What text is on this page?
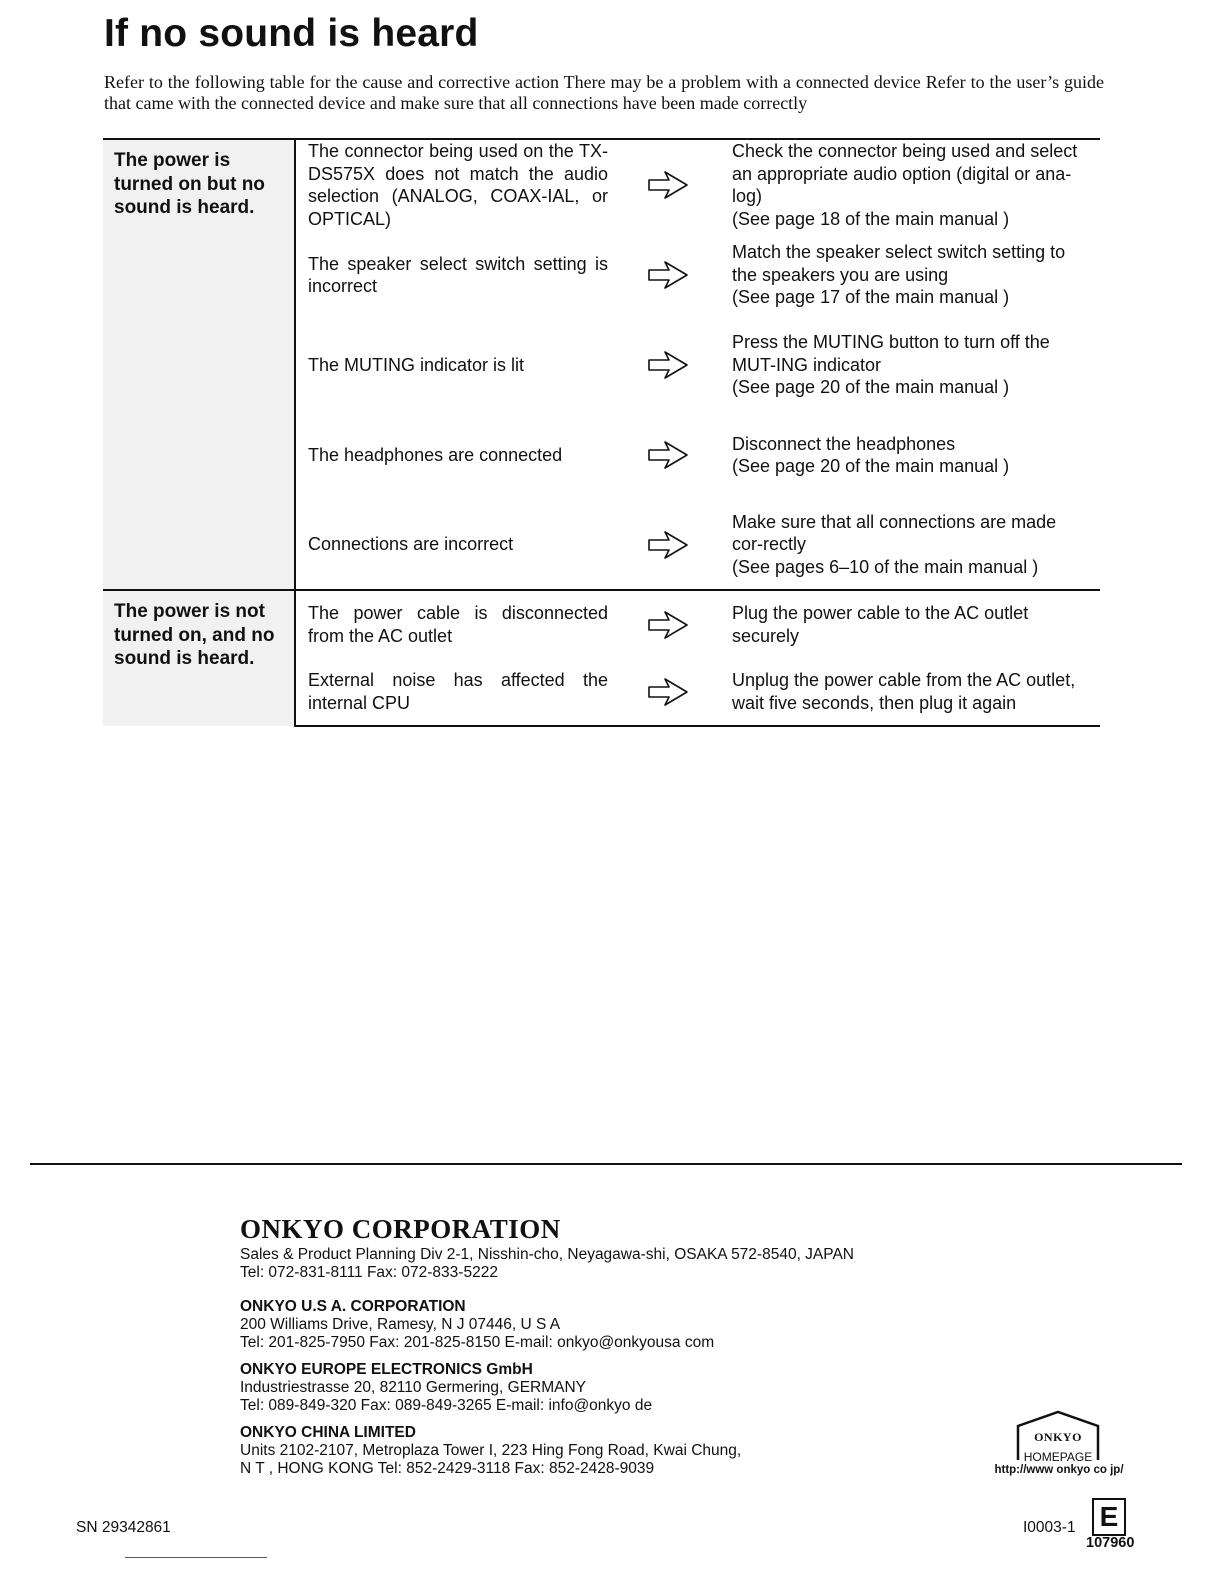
If no sound is heard

Refer to the following table for the cause and corrective action There may be a problem with a connected device Refer to the user’s guide that came with the connected device and make sure that all connections have been made correctly

The power is turned on but no sound is heard.	The connector being used on the TX-DS575X does not match the audio selection (ANALOG, COAX-IAL, or OPTICAL)		Check the connector being used and select an appropriate audio option (digital or ana-log)
(See page 18 of the main manual )

	The speaker select switch setting is incorrect		Match the speaker select switch setting to the speakers you are using
(See page 17 of the main manual )

	The MUTING indicator is lit		Press the MUTING button to turn off the MUT-ING indicator
(See page 20 of the main manual )

	The headphones are connected		Disconnect the headphones
(See page 20 of the main manual )

	Connections are incorrect		Make sure that all connections are made cor-rectly
(See pages 6–10 of the main manual )

The power is not turned on, and no sound is heard.	The power cable is disconnected from the AC outlet		Plug the power cable to the AC outlet securely

	External noise has affected the internal CPU		Unplug the power cable from the AC outlet, wait five seconds, then plug it again
ONKYO CORPORATION
Sales & Product Planning Div 2-1, Nisshin-cho, Neyagawa-shi, OSAKA 572-8540, JAPAN
Tel: 072-831-8111 Fax: 072-833-5222
ONKYO U.S A. CORPORATION
200 Williams Drive, Ramesy, N J 07446, U S A
Tel: 201-825-7950 Fax: 201-825-8150 E-mail: onkyo@onkyousa com
ONKYO EUROPE ELECTRONICS GmbH
Industriestrasse 20, 82110 Germering, GERMANY
Tel: 089-849-320 Fax: 089-849-3265 E-mail: info@onkyo de
ONKYO CHINA LIMITED
Units 2102-2107, Metroplaza Tower I, 223 Hing Fong Road, Kwai Chung,
N T , HONG KONG Tel: 852-2429-3118 Fax: 852-2428-9039
ONKYO
HOMEPAGE
http://www onkyo co jp/
SN 29342861	I0003-1 E
107960
